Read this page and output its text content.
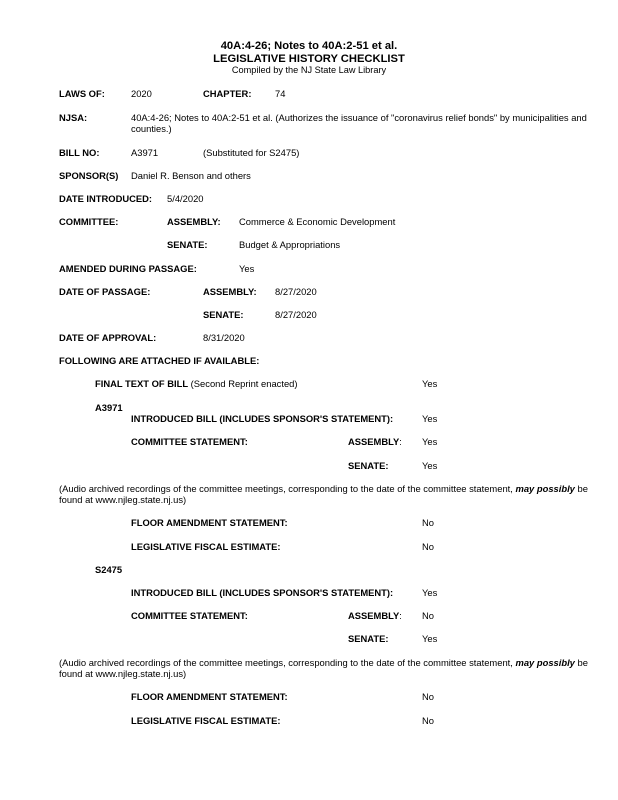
40A:4-26; Notes to 40A:2-51 et al.
LEGISLATIVE HISTORY CHECKLIST
Compiled by the NJ State Law Library
LAWS OF:	2020	CHAPTER:	74
NJSA:	40A:4-26; Notes to 40A:2-51 et al. (Authorizes the issuance of "coronavirus relief bonds" by municipalities and counties.)
BILL NO:	A3971	(Substituted for S2475)
SPONSOR(S) Daniel R. Benson and others
DATE INTRODUCED: 5/4/2020
COMMITTEE:	ASSEMBLY: Commerce & Economic Development
SENATE:	Budget & Appropriations
AMENDED DURING PASSAGE:	Yes
DATE OF PASSAGE:	ASSEMBLY: 8/27/2020
SENATE:	8/27/2020
DATE OF APPROVAL:	8/31/2020
FOLLOWING ARE ATTACHED IF AVAILABLE:
FINAL TEXT OF BILL (Second Reprint enacted)	Yes
A3971
INTRODUCED BILL (INCLUDES SPONSOR'S STATEMENT):	Yes
COMMITTEE STATEMENT:	ASSEMBLY: Yes
SENATE:	Yes
(Audio archived recordings of the committee meetings, corresponding to the date of the committee statement, may possibly be found at www.njleg.state.nj.us)
FLOOR AMENDMENT STATEMENT:	No
LEGISLATIVE FISCAL ESTIMATE:	No
S2475
INTRODUCED BILL (INCLUDES SPONSOR'S STATEMENT):	Yes
COMMITTEE STATEMENT:	ASSEMBLY: No
SENATE:	Yes
(Audio archived recordings of the committee meetings, corresponding to the date of the committee statement, may possibly be found at www.njleg.state.nj.us)
FLOOR AMENDMENT STATEMENT:	No
LEGISLATIVE FISCAL ESTIMATE:	No
